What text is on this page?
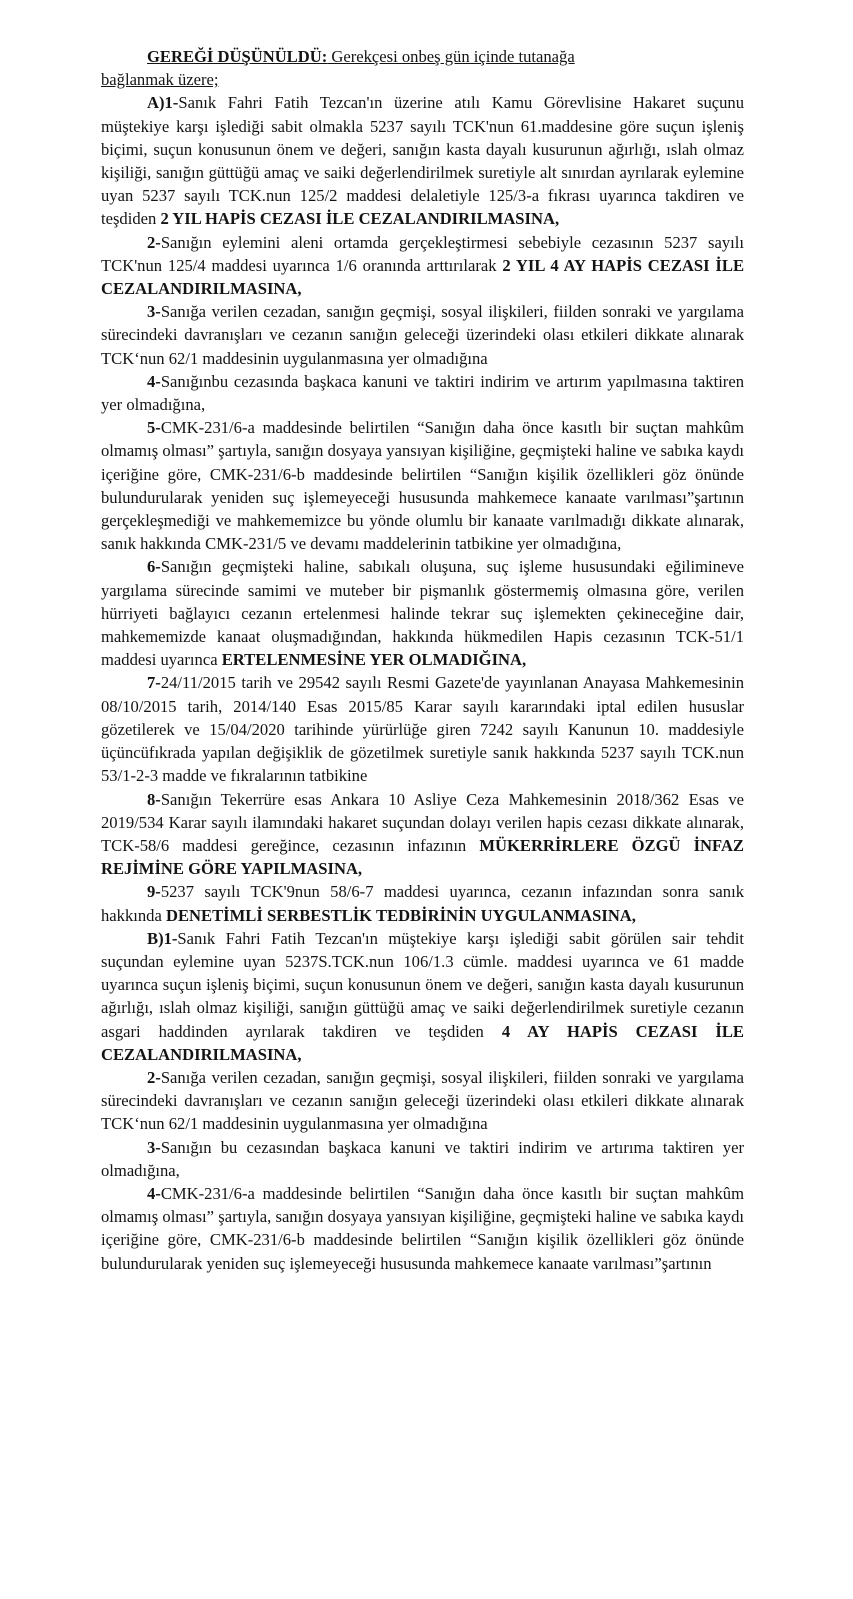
GEREĞİ DÜŞÜNÜLDÜ: Gerekçesi onbeş gün içinde tutanağa
bağlanmak üzere;

A)1-Sanık Fahri Fatih Tezcan'ın üzerine atılı Kamu Görevlisine Hakaret suçunu müştekiye karşı işlediği sabit olmakla 5237 sayılı TCK'nun 61.maddesine göre suçun işleniş biçimi, suçun konusunun önem ve değeri, sanığın kasta dayalı kusurunun ağırlığı, ıslah olmaz kişiliği, sanığın güttüğü amaç ve saiki değerlendirilmek suretiyle alt sınırdan ayrılarak eylemine uyan 5237 sayılı TCK.nun 125/2 maddesi delaletiyle 125/3-a fıkrası uyarınca takdiren ve teşdiden 2 YIL HAPİS CEZASI İLE CEZALANDIRILMASINA,

2-Sanığın eylemini aleni ortamda gerçekleştirmesi sebebiyle cezasının 5237 sayılı TCK'nun 125/4 maddesi uyarınca 1/6 oranında arttırılarak 2 YIL 4 AY HAPİS CEZASI İLE CEZALANDIRILMASINA,

3-Sanığa verilen cezadan, sanığın geçmişi, sosyal ilişkileri, fiilden sonraki ve yargılama sürecindeki davranışları ve cezanın sanığın geleceği üzerindeki olası etkileri dikkate alınarak TCK‘nun 62/1 maddesinin uygulanmasına yer olmadığına

4-Sanığınbu cezasında başkaca kanuni ve taktiri indirim ve artırım yapılmasına taktiren yer olmadığına,

5-CMK-231/6-a maddesinde belirtilen “Sanığın daha önce kasıtlı bir suçtan mahkûm olmamış olması” şartıyla, sanığın dosyaya yansıyan kişiliğine, geçmişteki haline ve sabıka kaydı içeriğine göre, CMK-231/6-b maddesinde belirtilen “Sanığın kişilik özellikleri göz önünde bulundurularak yeniden suç işlemeyeceği hususunda mahkemece kanaate varılması”şartının gerçekleşmediği ve mahkememizce bu yönde olumlu bir kanaate varılmadığı dikkate alınarak, sanık hakkında CMK-231/5 ve devamı maddelerinin tatbikine yer olmadığına,

6-Sanığın geçmişteki haline, sabıkalı oluşuna, suç işleme hususundaki eğilimineve yargılama sürecinde samimi ve muteber bir pişmanlık göstermemiş olmasına göre, verilen hürriyeti bağlayıcı cezanın ertelenmesi halinde tekrar suç işlemekten çekineceğine dair, mahkememizde kanaat oluşmadığından, hakkında hükmedilen Hapis cezasının TCK-51/1 maddesi uyarınca ERTELENMESİNE YER OLMADIĞINA,

7-24/11/2015 tarih ve 29542 sayılı Resmi Gazete'de yayınlanan Anayasa Mahkemesinin 08/10/2015 tarih, 2014/140 Esas 2015/85 Karar sayılı kararındaki iptal edilen hususlar gözetilerek ve 15/04/2020 tarihinde yürürlüğe giren 7242 sayılı Kanunun 10. maddesiyle üçüncüfıkrada yapılan değişiklik de gözetilmek suretiyle sanık hakkında 5237 sayılı TCK.nun 53/1-2-3 madde ve fıkralarının tatbikine

8-Sanığın Tekerrüre esas Ankara 10 Asliye Ceza Mahkemesinin 2018/362 Esas ve 2019/534 Karar sayılı ilamındaki hakaret suçundan dolayı verilen hapis cezası dikkate alınarak, TCK-58/6 maddesi gereğince, cezasının infazının MÜKERRİRLERE ÖZGÜ İNFAZ REJİMİNE GÖRE YAPILMASINA,

9-5237 sayılı TCK'9nun 58/6-7 maddesi uyarınca, cezanın infazından sonra sanık hakkında DENETİMLİ SERBESTLİK TEDBİRİNİN UYGULANMASINA,

B)1-Sanık Fahri Fatih Tezcan'ın müştekiye karşı işlediği sabit görülen sair tehdit suçundan eylemine uyan 5237S.TCK.nun 106/1.3 cümle. maddesi uyarınca ve 61 madde uyarınca suçun işleniş biçimi, suçun konusunun önem ve değeri, sanığın kasta dayalı kusurunun ağırlığı, ıslah olmaz kişiliği, sanığın güttüğü amaç ve saiki değerlendirilmek suretiyle cezanın asgari haddinden ayrılarak takdiren ve teşdiden 4 AY HAPİS CEZASI İLE CEZALANDIRILMASINA,

2-Sanığa verilen cezadan, sanığın geçmişi, sosyal ilişkileri, fiilden sonraki ve yargılama sürecindeki davranışları ve cezanın sanığın geleceği üzerindeki olası etkileri dikkate alınarak TCK‘nun 62/1 maddesinin uygulanmasına yer olmadığına

3-Sanığın bu cezasından başkaca kanuni ve taktiri indirim ve artırıma taktiren yer olmadığına,

4-CMK-231/6-a maddesinde belirtilen “Sanığın daha önce kasıtlı bir suçtan mahkûm olmamış olması” şartıyla, sanığın dosyaya yansıyan kişiliğine, geçmişteki haline ve sabıka kaydı içeriğine göre, CMK-231/6-b maddesinde belirtilen “Sanığın kişilik özellikleri göz önünde bulundurularak yeniden suç işlemeyeceği hususunda mahkemece kanaate varılması”şartının
